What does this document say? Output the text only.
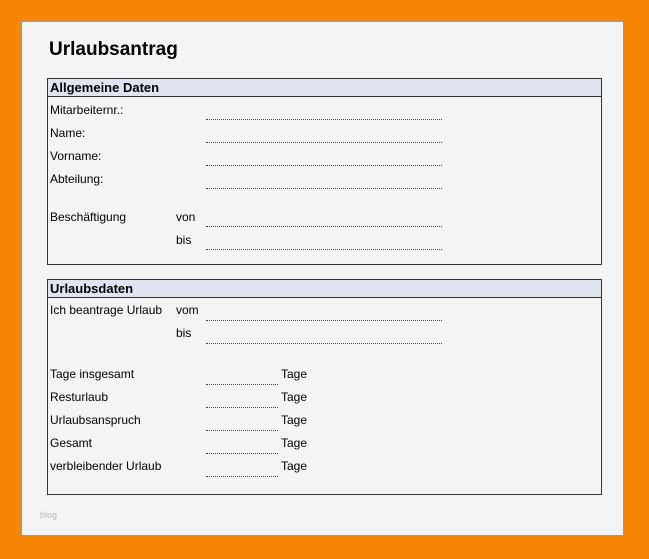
Urlaubsantrag
Allgemeine Daten
Mitarbeiternr.:
Name:
Vorname:
Abteilung:
Beschäftigung	von
bis
Urlaubsdaten
Ich beantrage Urlaub vom
bis
Tage insgesamt	Tage
Resturlaub	Tage
Urlaubsanspruch	Tage
Gesamt	Tage
verbleibender Urlaub	Tage
blog
